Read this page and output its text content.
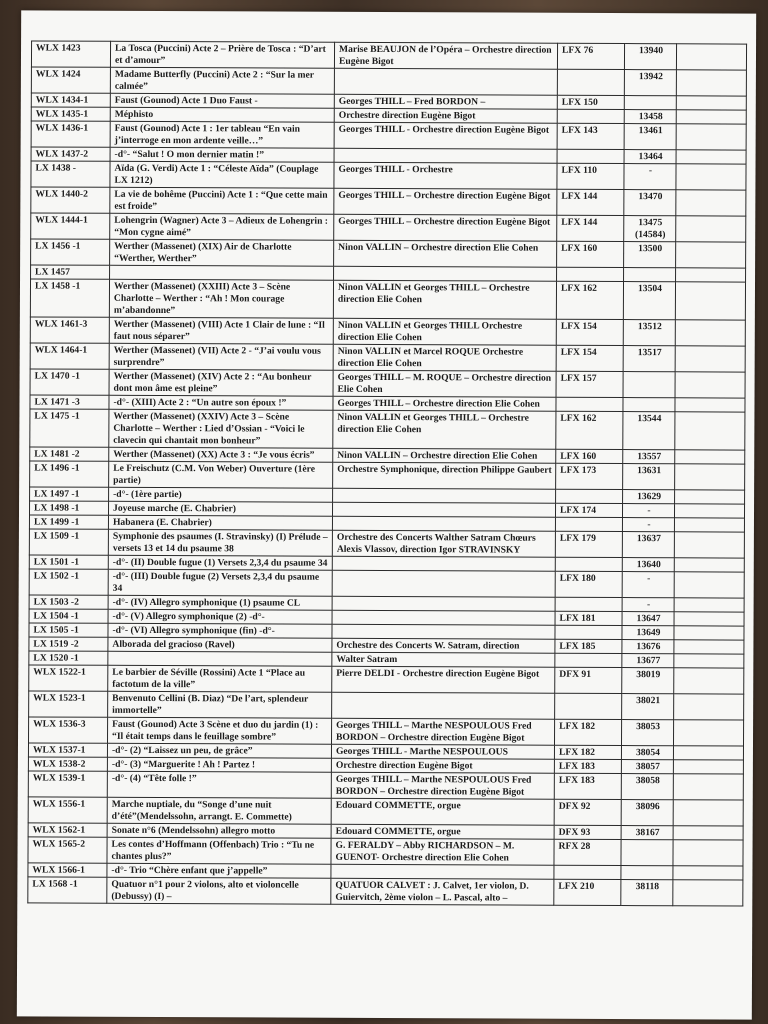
WLX 1423	La Tosca (Puccini) Acte 2 – Prière de Tosca : “D’art et d’amour”	Marise BEAUJON de l’Opéra – Orchestre direction Eugène Bigot	LFX 76	13940	
WLX 1424	Madame Butterfly (Puccini) Acte 2 : “Sur la mer calmée”			13942	
WLX 1434-1	Faust (Gounod) Acte 1 Duo Faust -	Georges THILL – Fred BORDON –	LFX 150		
WLX 1435-1	Méphisto	Orchestre direction Eugène Bigot		13458	
WLX 1436-1	Faust (Gounod) Acte 1 : 1er tableau “En vain j’interroge en mon ardente veille…”	Georges THILL - Orchestre direction Eugène Bigot	LFX 143	13461	
WLX 1437-2	-d°- “Salut ! O mon dernier matin !”			13464	
LX 1438 -	Aïda (G. Verdi) Acte 1 : “Céleste Aïda” (Couplage LX 1212)	Georges THILL - Orchestre	LFX 110	-	
WLX 1440-2	La vie de bohême (Puccini) Acte 1 : “Que cette main est froide”	Georges THILL – Orchestre direction Eugène Bigot	LFX 144	13470	
WLX 1444-1	Lohengrin (Wagner) Acte 3 – Adieux de Lohengrin : “Mon cygne aimé”	Georges THILL – Orchestre direction Eugène Bigot	LFX 144	13475 (14584)	
LX 1456 -1	Werther (Massenet) (XIX) Air de Charlotte “Werther, Werther”	Ninon VALLIN – Orchestre direction Elie Cohen	LFX 160	13500	
LX 1457					
LX 1458 -1	Werther (Massenet) (XXIII) Acte 3 – Scène Charlotte – Werther : “Ah ! Mon courage m’abandonne”	Ninon VALLIN et Georges THILL – Orchestre direction Elie Cohen	LFX 162	13504	
WLX 1461-3	Werther (Massenet) (VIII) Acte 1 Clair de lune : “Il faut nous séparer”	Ninon VALLIN et Georges THILL Orchestre direction Elie Cohen	LFX 154	13512	
WLX 1464-1	Werther (Massenet) (VII) Acte 2 - “J’ai voulu vous surprendre”	Ninon VALLIN et Marcel ROQUE Orchestre direction Elie Cohen	LFX 154	13517	
LX 1470 -1	Werther (Massenet) (XIV) Acte 2 : “Au bonheur dont mon âme est pleine”	Georges THILL – M. ROQUE – Orchestre direction Elie Cohen	LFX 157		
LX 1471 -3	-d°- (XIII) Acte 2 : “Un autre son époux !”	Georges THILL – Orchestre direction Elie Cohen			
LX 1475 -1	Werther (Massenet) (XXIV) Acte 3 – Scène Charlotte – Werther : Lied d’Ossian - “Voici le clavecin qui chantait mon bonheur”	Ninon VALLIN et Georges THILL – Orchestre direction Elie Cohen	LFX 162	13544	
LX 1481 -2	Werther (Massenet) (XX) Acte 3 : “Je vous écris”	Ninon VALLIN – Orchestre direction Elie Cohen	LFX 160	13557	
LX 1496 -1	Le Freischutz (C.M. Von Weber) Ouverture (1ère partie)	Orchestre Symphonique, direction Philippe Gaubert	LFX 173	13631	
LX 1497 -1	-d°- (1ère partie)			13629	
LX 1498 -1	Joyeuse marche (E. Chabrier)		LFX 174	-	
LX 1499 -1	Habanera (E. Chabrier)			-	
LX 1509 -1	Symphonie des psaumes (I. Stravinsky) (I) Prélude – versets 13 et 14 du psaume 38	Orchestre des Concerts Walther Satram Chœurs Alexis Vlassov, direction Igor STRAVINSKY	LFX 179	13637	
LX 1501 -1	-d°- (II) Double fugue (1) Versets 2,3,4 du psaume 34			13640	
LX 1502 -1	-d°- (III) Double fugue (2) Versets 2,3,4 du psaume 34		LFX 180	-	
LX 1503 -2	-d°- (IV) Allegro symphonique (1) psaume CL			-	
LX 1504 -1	-d°- (V) Allegro symphonique (2) -d°-		LFX 181	13647	
LX 1505 -1	-d°- (VI) Allegro symphonique (fin) -d°-			13649	
LX 1519 -2	Alborada del gracioso (Ravel)	Orchestre des Concerts W. Satram, direction	LFX 185	13676	
LX 1520 -1		Walter Satram		13677	
WLX 1522-1	Le barbier de Séville (Rossini) Acte 1 “Place au factotum de la ville”	Pierre DELDI - Orchestre direction Eugène Bigot	DFX 91	38019	
WLX 1523-1	Benvenuto Cellini (B. Diaz) “De l’art, splendeur immortelle”			38021	
WLX 1536-3	Faust (Gounod) Acte 3 Scène et duo du jardin (1) : “Il était temps dans le feuillage sombre”	Georges THILL – Marthe NESPOULOUS Fred BORDON – Orchestre direction Eugène Bigot	LFX 182	38053	
WLX 1537-1	-d°- (2) “Laissez un peu, de grâce”	Georges THILL - Marthe NESPOULOUS	LFX 182	38054	
WLX 1538-2	-d°- (3) “Marguerite ! Ah ! Partez !	Orchestre direction Eugène Bigot	LFX 183	38057	
WLX 1539-1	-d°- (4) “Tête folle !”	Georges THILL – Marthe NESPOULOUS Fred BORDON – Orchestre direction Eugène Bigot	LFX 183	38058	
WLX 1556-1	Marche nuptiale, du “Songe d’une nuit d’été”(Mendelssohn, arrangt. E. Commette)	Edouard COMMETTE, orgue	DFX 92	38096	
WLX 1562-1	Sonate n°6 (Mendelssohn) allegro motto	Edouard COMMETTE, orgue	DFX 93	38167	
WLX 1565-2	Les contes d’Hoffmann (Offenbach) Trio : “Tu ne chantes plus?”	G. FERALDY – Abby RICHARDSON – M. GUENOT- Orchestre direction Elie Cohen	RFX 28		
WLX 1566-1	-d°- Trio “Chère enfant que j’appelle”				
LX 1568 -1	Quatuor n°1 pour 2 violons, alto et violoncelle (Debussy) (I) –	QUATUOR CALVET : J. Calvet, 1er violon, D. Guiervitch, 2ème violon – L. Pascal, alto –	LFX 210	38118	
